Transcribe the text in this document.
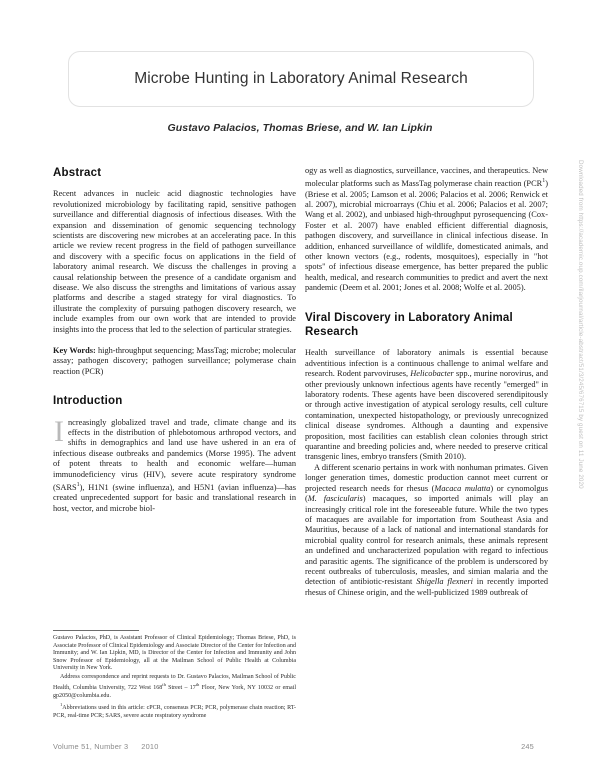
Microbe Hunting in Laboratory Animal Research
Gustavo Palacios, Thomas Briese, and W. Ian Lipkin
Abstract

Recent advances in nucleic acid diagnostic technologies have revolutionized microbiology by facilitating rapid, sensitive pathogen surveillance and differential diagnosis of infectious diseases. With the expansion and dissemination of genomic sequencing technology scientists are discovering new microbes at an accelerating pace. In this article we review recent progress in the field of pathogen surveillance and discovery with a specific focus on applications in the field of laboratory animal research. We discuss the challenges in proving a causal relationship between the presence of a candidate organism and disease. We also discuss the strengths and limitations of various assay platforms and describe a staged strategy for viral diagnostics. To illustrate the complexity of pursuing pathogen discovery research, we include examples from our own work that are intended to provide insights into the process that led to the selection of particular strategies.

Key Words: high-throughput sequencing; MassTag; microbe; molecular assay; pathogen discovery; pathogen surveillance; polymerase chain reaction (PCR)

Introduction

Increasingly globalized travel and trade, climate change and its effects in the distribution of phlebotomous arthropod vectors, and shifts in demographics and land use have ushered in an era of infectious disease outbreaks and pandemics (Morse 1995). The advent of potent threats to health and economic welfare—human immunodeficiency virus (HIV), severe acute respiratory syndrome (SARS$^1$), H1N1 (swine influenza), and H5N1 (avian influenza)—has created unprecedented support for basic and translational research in host, vector, and microbe biol-

Gustavo Palacios, PhD, is Assistant Professor of Clinical Epidemiology; Thomas Briese, PhD, is Associate Professor of Clinical Epidemiology and Associate Director of the Center for Infection and Immunity; and W. Ian Lipkin, MD, is Director of the Center for Infection and Immunity and John Snow Professor of Epidemiology, all at the Mailman School of Public Health at Columbia University in New York.

Address correspondence and reprint requests to Dr. Gustavo Palacios, Mailman School of Public Health, Columbia University, 722 West 168th Street – 17th Floor, New York, NY 10032 or email gp2050@columbia.edu.

$^1$Abbreviations used in this article: cPCR, consensus PCR; PCR, polymerase chain reaction; RT-PCR, real-time PCR; SARS, severe acute respiratory syndrome

ogy as well as diagnostics, surveillance, vaccines, and therapeutics. New molecular platforms such as MassTag polymerase chain reaction (PCR$^1$) (Briese et al. 2005; Lamson et al. 2006; Palacios et al. 2006; Renwick et al. 2007), microbial microarrays (Chiu et al. 2006; Palacios et al. 2007; Wang et al. 2002), and unbiased high-throughput pyrosequencing (Cox-Foster et al. 2007) have enabled efficient differential diagnosis, pathogen discovery, and surveillance in clinical infectious disease. In addition, enhanced surveillance of wildlife, domesticated animals, and other known vectors (e.g., rodents, mosquitoes), especially in "hot spots" of infectious disease emergence, has better prepared the public health, medical, and research communities to predict and avert the next pandemic (Deem et al. 2001; Jones et al. 2008; Wolfe et al. 2005).

Viral Discovery in Laboratory Animal Research

Health surveillance of laboratory animals is essential because adventitious infection is a continuous challenge to animal welfare and research. Rodent parvoviruses, Helicobacter spp., murine norovirus, and other previously unknown infectious agents have recently "emerged" in laboratory rodents. These agents have been discovered serendipitously or through active investigation of atypical serology results, cell culture contamination, unexpected histopathology, or previously unrecognized clinical disease syndromes. Although a daunting and expensive proposition, most facilities can establish clean colonies through strict quarantine and breeding policies and, where needed to preserve critical transgenic lines, embryo transfers (Smith 2010).

A different scenario pertains in work with nonhuman primates. Given longer generation times, domestic production cannot meet current or projected research needs for rhesus (Macaca mulatta) or cynomolgus (M. fascicularis) macaques, so imported animals will play an increasingly critical role int the foreseeable future. While the two types of macaques are available for importation from Southeast Asia and Mauritius, because of a lack of national and international standards for microbial quality control for research animals, these animals represent an undefined and uncharacterized population with regard to infectious and parasitic agents. The significance of the problem is underscored by recent outbreaks of tuberculosis, measles, and simian malaria and the detection of antibiotic-resistant Shigella flexneri in recently imported rhesus of Chinese origin, and the well-publicized 1989 outbreak of

Volume 51, Number 3 2010	245
Downloaded from https://academic.oup.com/ilarjournal/article-abstract/51/3/245/676715 by guest on 11 June 2020
